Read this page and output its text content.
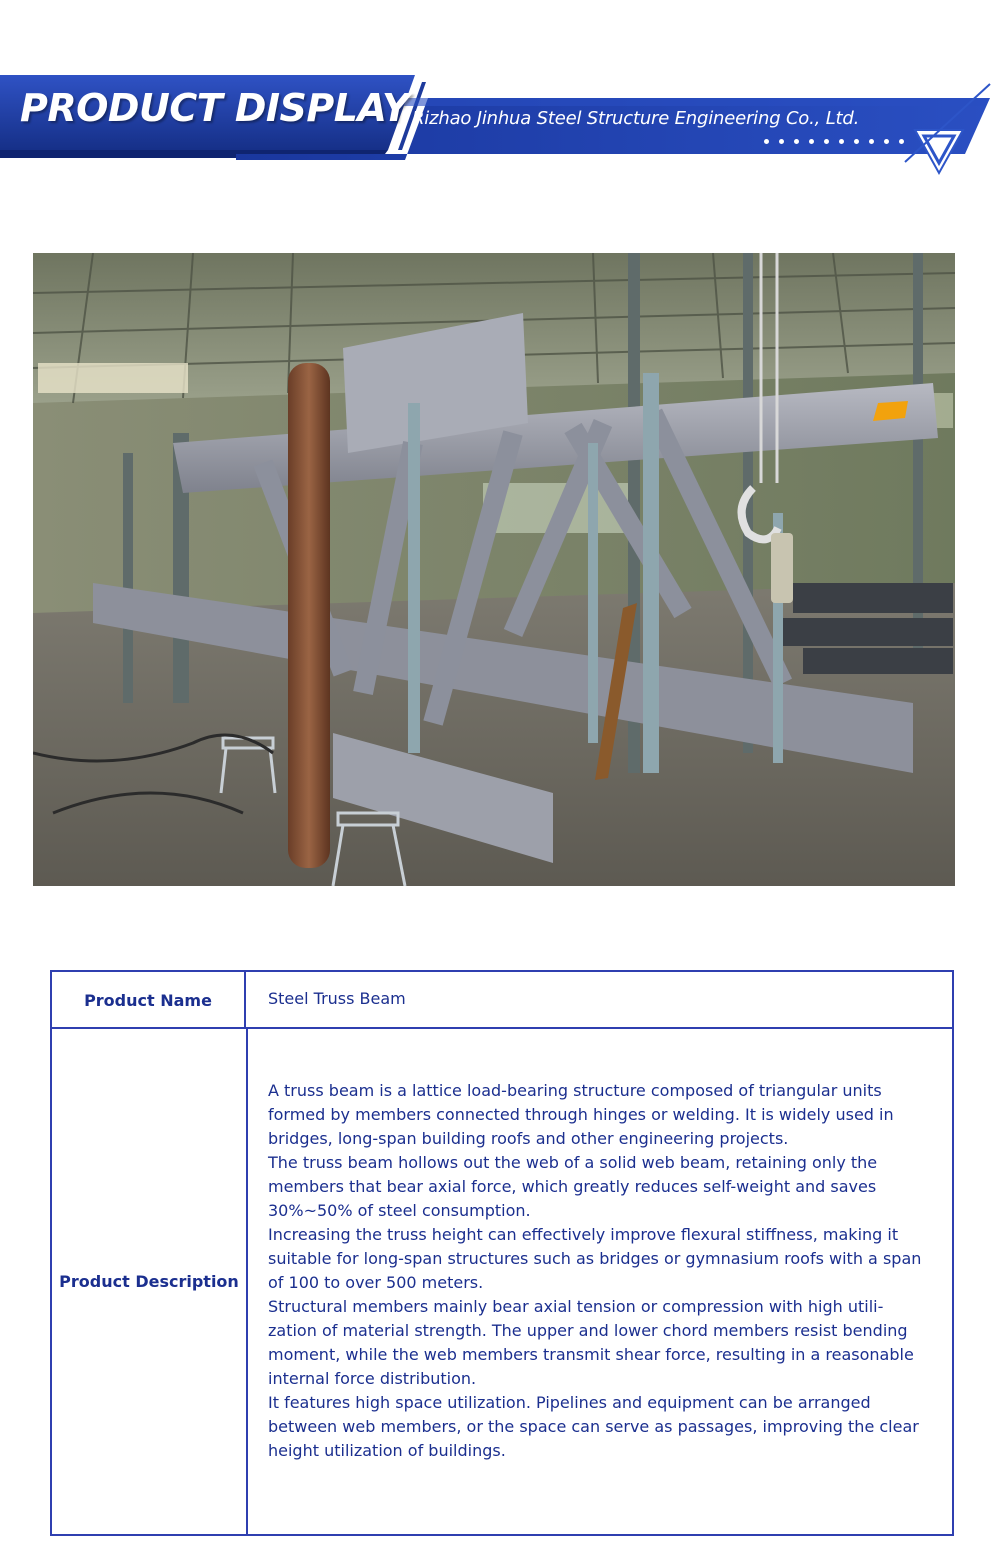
PRODUCT DISPLAY Rizhao Jinhua Steel Structure Engineering Co., Ltd.
Product Name	Steel Truss Beam
Product Description

A truss beam is a lattice load-bearing structure composed of triangular units formed by members connected through hinges or welding. It is widely used in bridges, long-span building roofs and other engineering projects.

The truss beam hollows out the web of a solid web beam, retaining only the members that bear axial force, which greatly reduces self-weight and saves 30%~50% of steel consumption.

Increasing the truss height can effectively improve flexural stiffness, making it suitable for long-span structures such as bridges or gymnasium roofs with a span of 100 to over 500 meters.

Structural members mainly bear axial tension or compression with high utili-zation of material strength. The upper and lower chord members resist bending moment, while the web members transmit shear force, resulting in a reasonable internal force distribution.

It features high space utilization. Pipelines and equipment can be arranged between web members, or the space can serve as passages, improving the clear height utilization of buildings.
